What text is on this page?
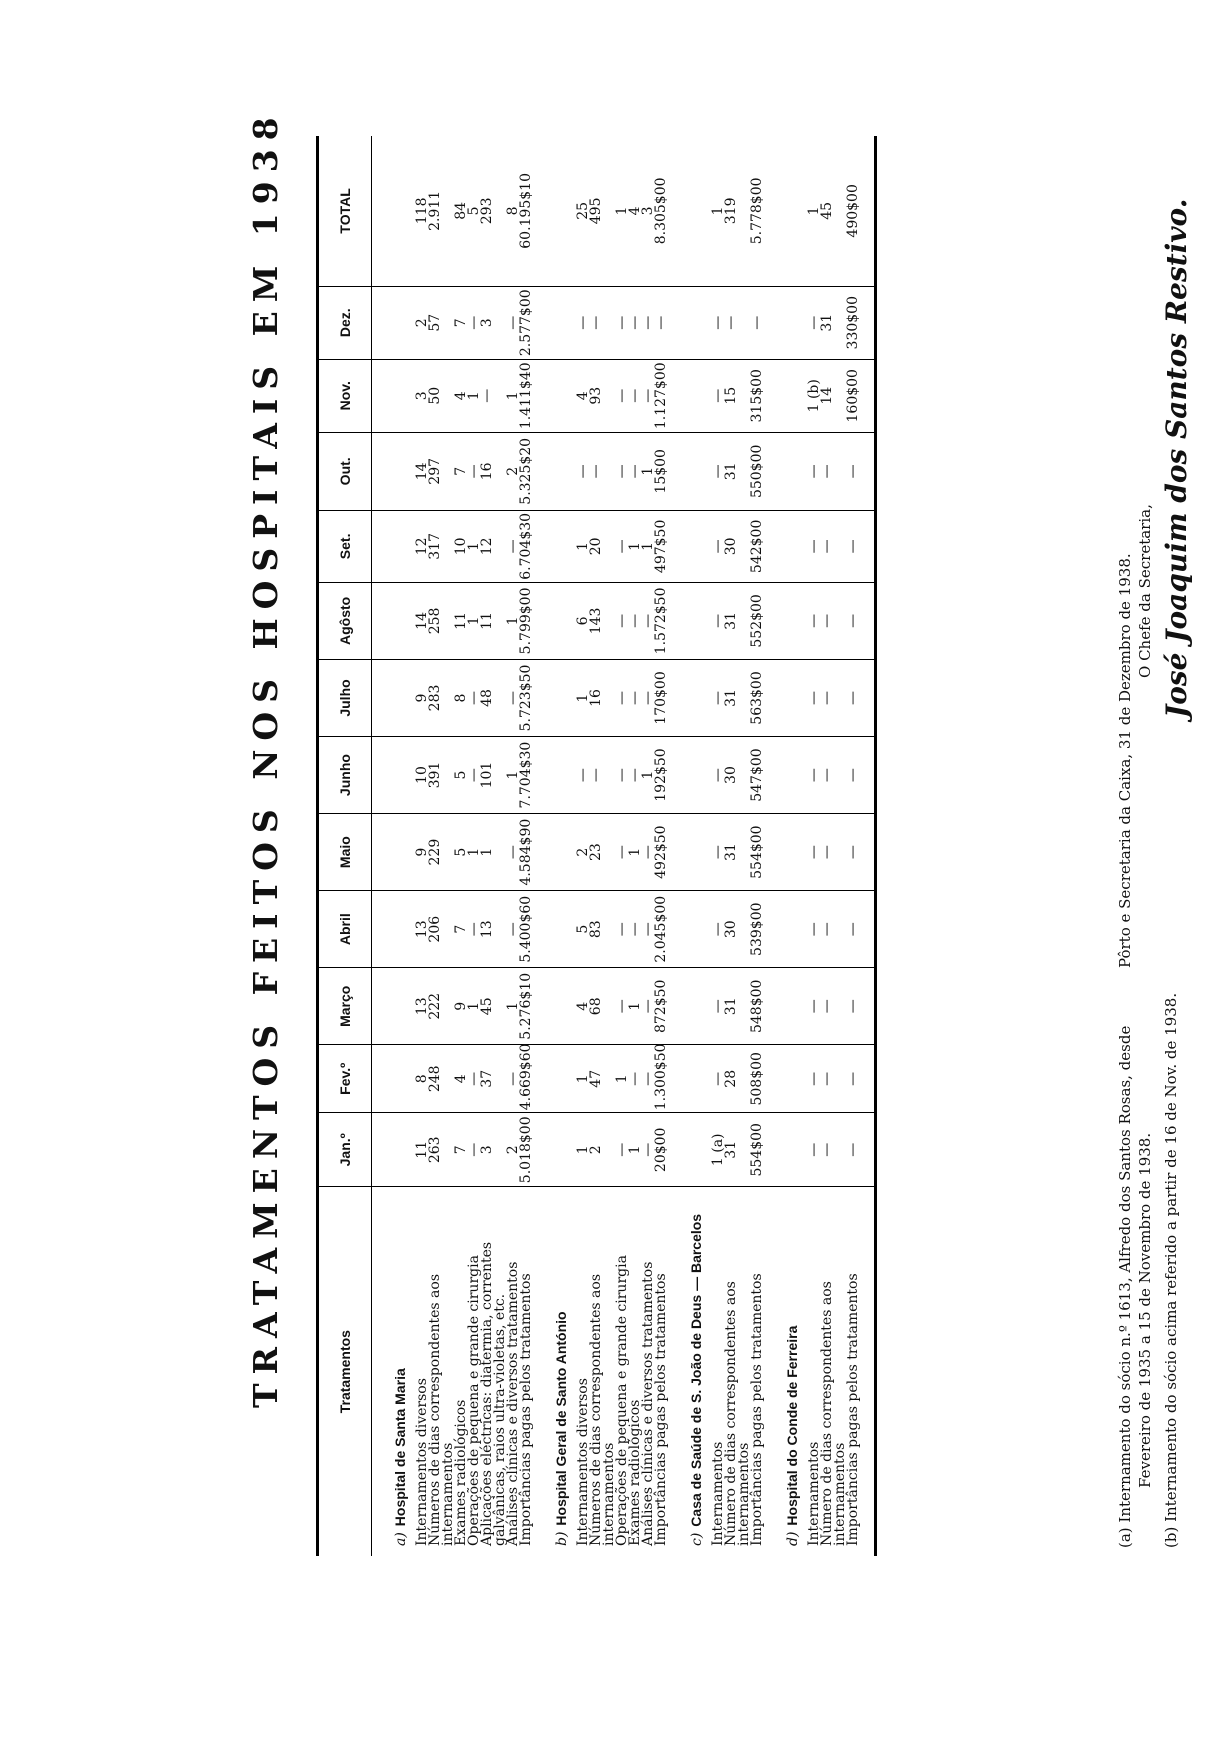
TRATAMENTOS FEITOS NOS HOSPITAIS EM 1938	Tratamentos	Jan.º	Fev.º	Março	Abril	Maio	Junho	Julho	Agôsto	Set.	Out.	Nov.	Dez.	TOTAL

a)Hospital de Santa Maria													
Internamentos diversos	11	8	13	13	9	10	9	14	12	14	3	2	118
Números de dias correspondentes aos internamentos	263	248	222	206	229	391	283	258	317	297	50	57	2.911
Exames radiológicos	7	4	9	7	5	5	8	11	10	7	4	7	84
Operações de pequena e grande cirurgia	—	—	1	—	1	—	—	1	1	—	1	—	5
Aplicações eléctricas: diatermia, correntes galvânicas, raios ultra-violetas, etc.	3	37	45	13	1	101	48	11	12	16	—	3	293
Análises clínicas e diversos tratamentos	2	—	1	—	—	1	—	1	—	2	1	—	8
Importâncias pagas pelos tratamentos	5.018$00	4.669$60	5.276$10	5.400$60	4.584$90	7.704$30	5.723$50	5.799$00	6.704$30	5.325$20	1.411$40	2.577$00	60.195$10

b)Hospital Geral de Santo António													
Internamentos diversos	1	1	4	5	2	—	1	6	1	—	4	—	25
Números de dias correspondentes aos internamentos	2	47	68	83	23	—	16	143	20	—	93	—	495
Operações de pequena e grande cirurgia	—	1	—	—	—	—	—	—	—	—	—	—	1
Exames radiológicos	1	—	1	—	1	—	—	—	1	—	—	—	4
Análises clínicas e diversos tratamentos	—	—	—	—	—	1	—	—	1	1	—	—	3
Importâncias pagas pelos tratamentos	20$00	1.300$50	872$50	2.045$00	492$50	192$50	170$00	1.572$50	497$50	15$00	1.127$00	—	8.305$00

c)Casa de Saúde de S. João de Deus — Barcelos													
Internamentos	1 (a)	—	—	—	—	—	—	—	—	—	—	—	1
Número de dias correspondentes aos internamentos	31	28	31	30	31	30	31	31	30	31	15	—	319
Importâncias pagas pelos tratamentos	554$00	508$00	548$00	539$00	554$00	547$00	563$00	552$00	542$00	550$00	315$00	—	5.778$00

d)Hospital do Conde de Ferreira													
Internamentos	—	—	—	—	—	—	—	—	—	—	1 (b)	—	1
Número de dias correspondentes aos internamentos	—	—	—	—	—	—	—	—	—	—	14	31	45
Importâncias pagas pelos tratamentos	—	—	—	—	—	—	—	—	—	—	160$00	330$00	490$00

(a) Internamento do sócio n.º 1613, Alfredo dos Santos Rosas, desde Fevereiro de 1935 a 15 de Novembro de 1938. (b) Internamento do sócio acima referido a partir de 16 de Nov. de 1938.
Pôrto e Secretaria da Caixa, 31 de Dezembro de 1938. O Chefe da Secretaria, José Joaquim dos Santos Restivo.
